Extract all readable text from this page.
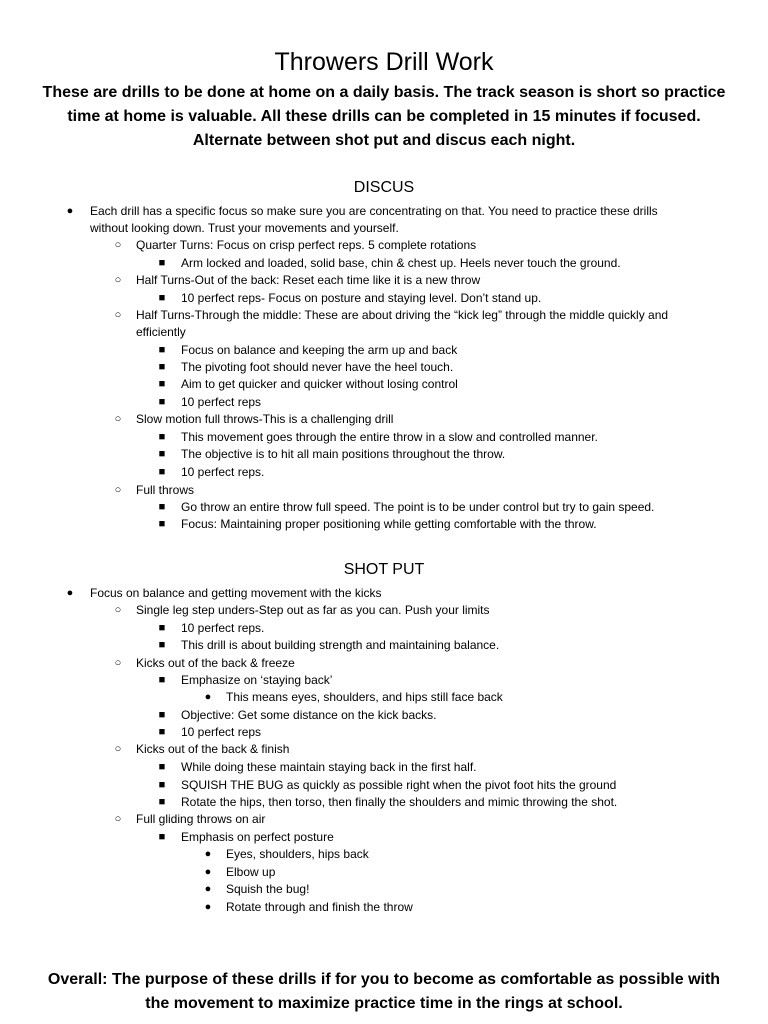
Throwers Drill Work

These are drills to be done at home on a daily basis. The track season is short so practice time at home is valuable. All these drills can be completed in 15 minutes if focused. Alternate between shot put and discus each night.

DISCUS
● Each drill has a specific focus so make sure you are concentrating on that. You need to practice these drills
without looking down. Trust your movements and yourself.
○ Quarter Turns: Focus on crisp perfect reps. 5 complete rotations
■ Arm locked and loaded, solid base, chin & chest up. Heels never touch the ground.
○ Half Turns-Out of the back: Reset each time like it is a new throw
■ 10 perfect reps- Focus on posture and staying level. Don’t stand up.
○ Half Turns-Through the middle: These are about driving the “kick leg” through the middle quickly and
efficiently
■ Focus on balance and keeping the arm up and back
■ The pivoting foot should never have the heel touch.
■ Aim to get quicker and quicker without losing control
■ 10 perfect reps
○ Slow motion full throws-This is a challenging drill
■ This movement goes through the entire throw in a slow and controlled manner.
■ The objective is to hit all main positions throughout the throw.
■ 10 perfect reps.
○ Full throws
■ Go throw an entire throw full speed. The point is to be under control but try to gain speed.
■ Focus: Maintaining proper positioning while getting comfortable with the throw.
SHOT PUT
● Focus on balance and getting movement with the kicks
○ Single leg step unders-Step out as far as you can. Push your limits
■ 10 perfect reps.
■ This drill is about building strength and maintaining balance.
○ Kicks out of the back & freeze
■ Emphasize on ‘staying back’
● This means eyes, shoulders, and hips still face back
■ Objective: Get some distance on the kick backs.
■ 10 perfect reps
○ Kicks out of the back & finish
■ While doing these maintain staying back in the first half.
■ SQUISH THE BUG as quickly as possible right when the pivot foot hits the ground
■ Rotate the hips, then torso, then finally the shoulders and mimic throwing the shot.
○ Full gliding throws on air
■ Emphasis on perfect posture
● Eyes, shoulders, hips back
● Elbow up
● Squish the bug!
● Rotate through and finish the throw

Overall: The purpose of these drills if for you to become as comfortable as possible with the movement to maximize practice time in the rings at school.
